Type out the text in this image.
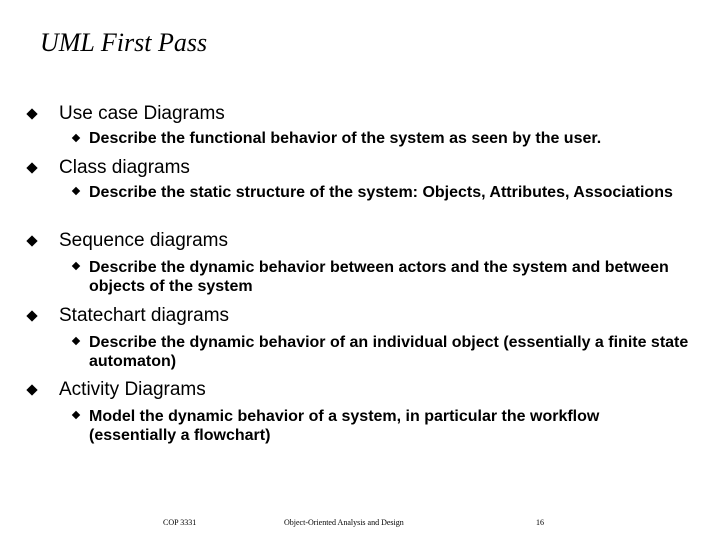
UML First Pass
Use case Diagrams
Describe the functional behavior of the system as seen by the user.
Class diagrams
Describe the static structure of the system: Objects, Attributes, Associations
Sequence diagrams
Describe the dynamic behavior between actors and the system and between objects of the system
Statechart diagrams
Describe the dynamic behavior of an individual object (essentially a finite state automaton)
Activity Diagrams
Model the dynamic behavior of a system, in particular the workflow (essentially a flowchart)
COP 3331	Object-Oriented Analysis and Design	16
